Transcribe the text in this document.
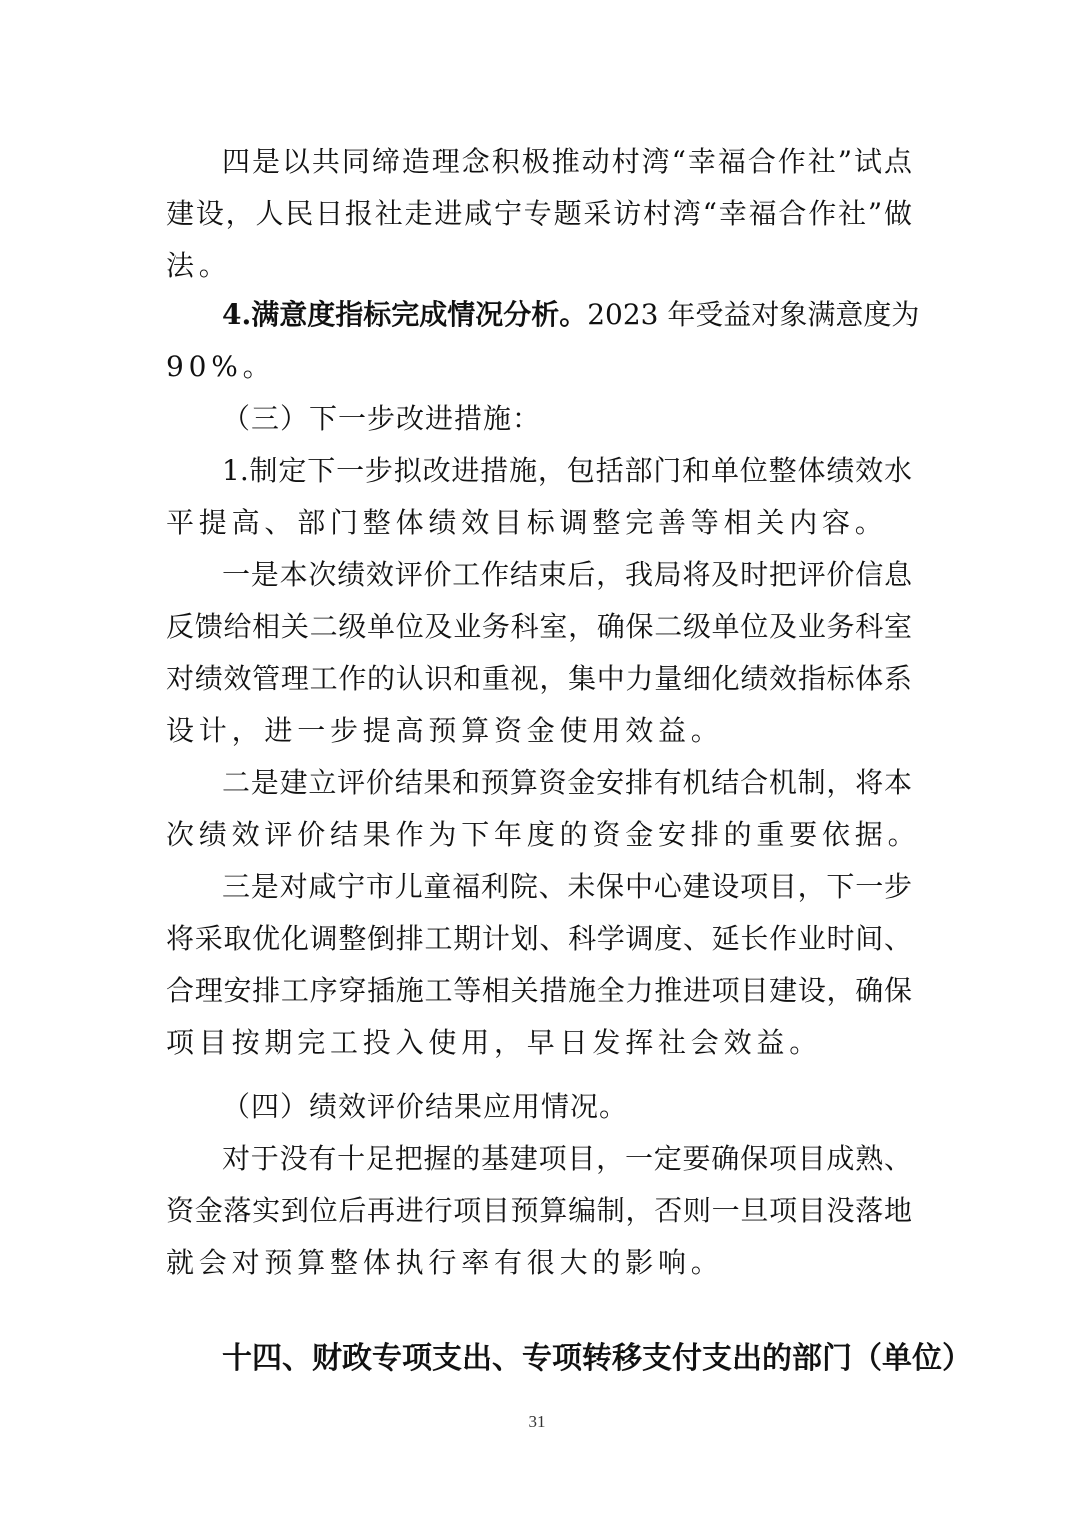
四是以共同缔造理念积极推动村湾“幸福合作社”试点
建设，人民日报社走进咸宁专题采访村湾“幸福合作社”做
法。
4.满意度指标完成情况分析。2023 年受益对象满意度为
90%。
（三）下一步改进措施：
1.制定下一步拟改进措施，包括部门和单位整体绩效水
平提高、部门整体绩效目标调整完善等相关内容。
一是本次绩效评价工作结束后，我局将及时把评价信息
反馈给相关二级单位及业务科室，确保二级单位及业务科室
对绩效管理工作的认识和重视，集中力量细化绩效指标体系
设计，进一步提高预算资金使用效益。
二是建立评价结果和预算资金安排有机结合机制，将本
次绩效评价结果作为下年度的资金安排的重要依据。
三是对咸宁市儿童福利院、未保中心建设项目，下一步
将采取优化调整倒排工期计划、科学调度、延长作业时间、
合理安排工序穿插施工等相关措施全力推进项目建设，确保
项目按期完工投入使用，早日发挥社会效益。
（四）绩效评价结果应用情况。
对于没有十足把握的基建项目，一定要确保项目成熟、
资金落实到位后再进行项目预算编制，否则一旦项目没落地
就会对预算整体执行率有很大的影响。
十四、财政专项支出、专项转移支付支出的部门（单位）
31
